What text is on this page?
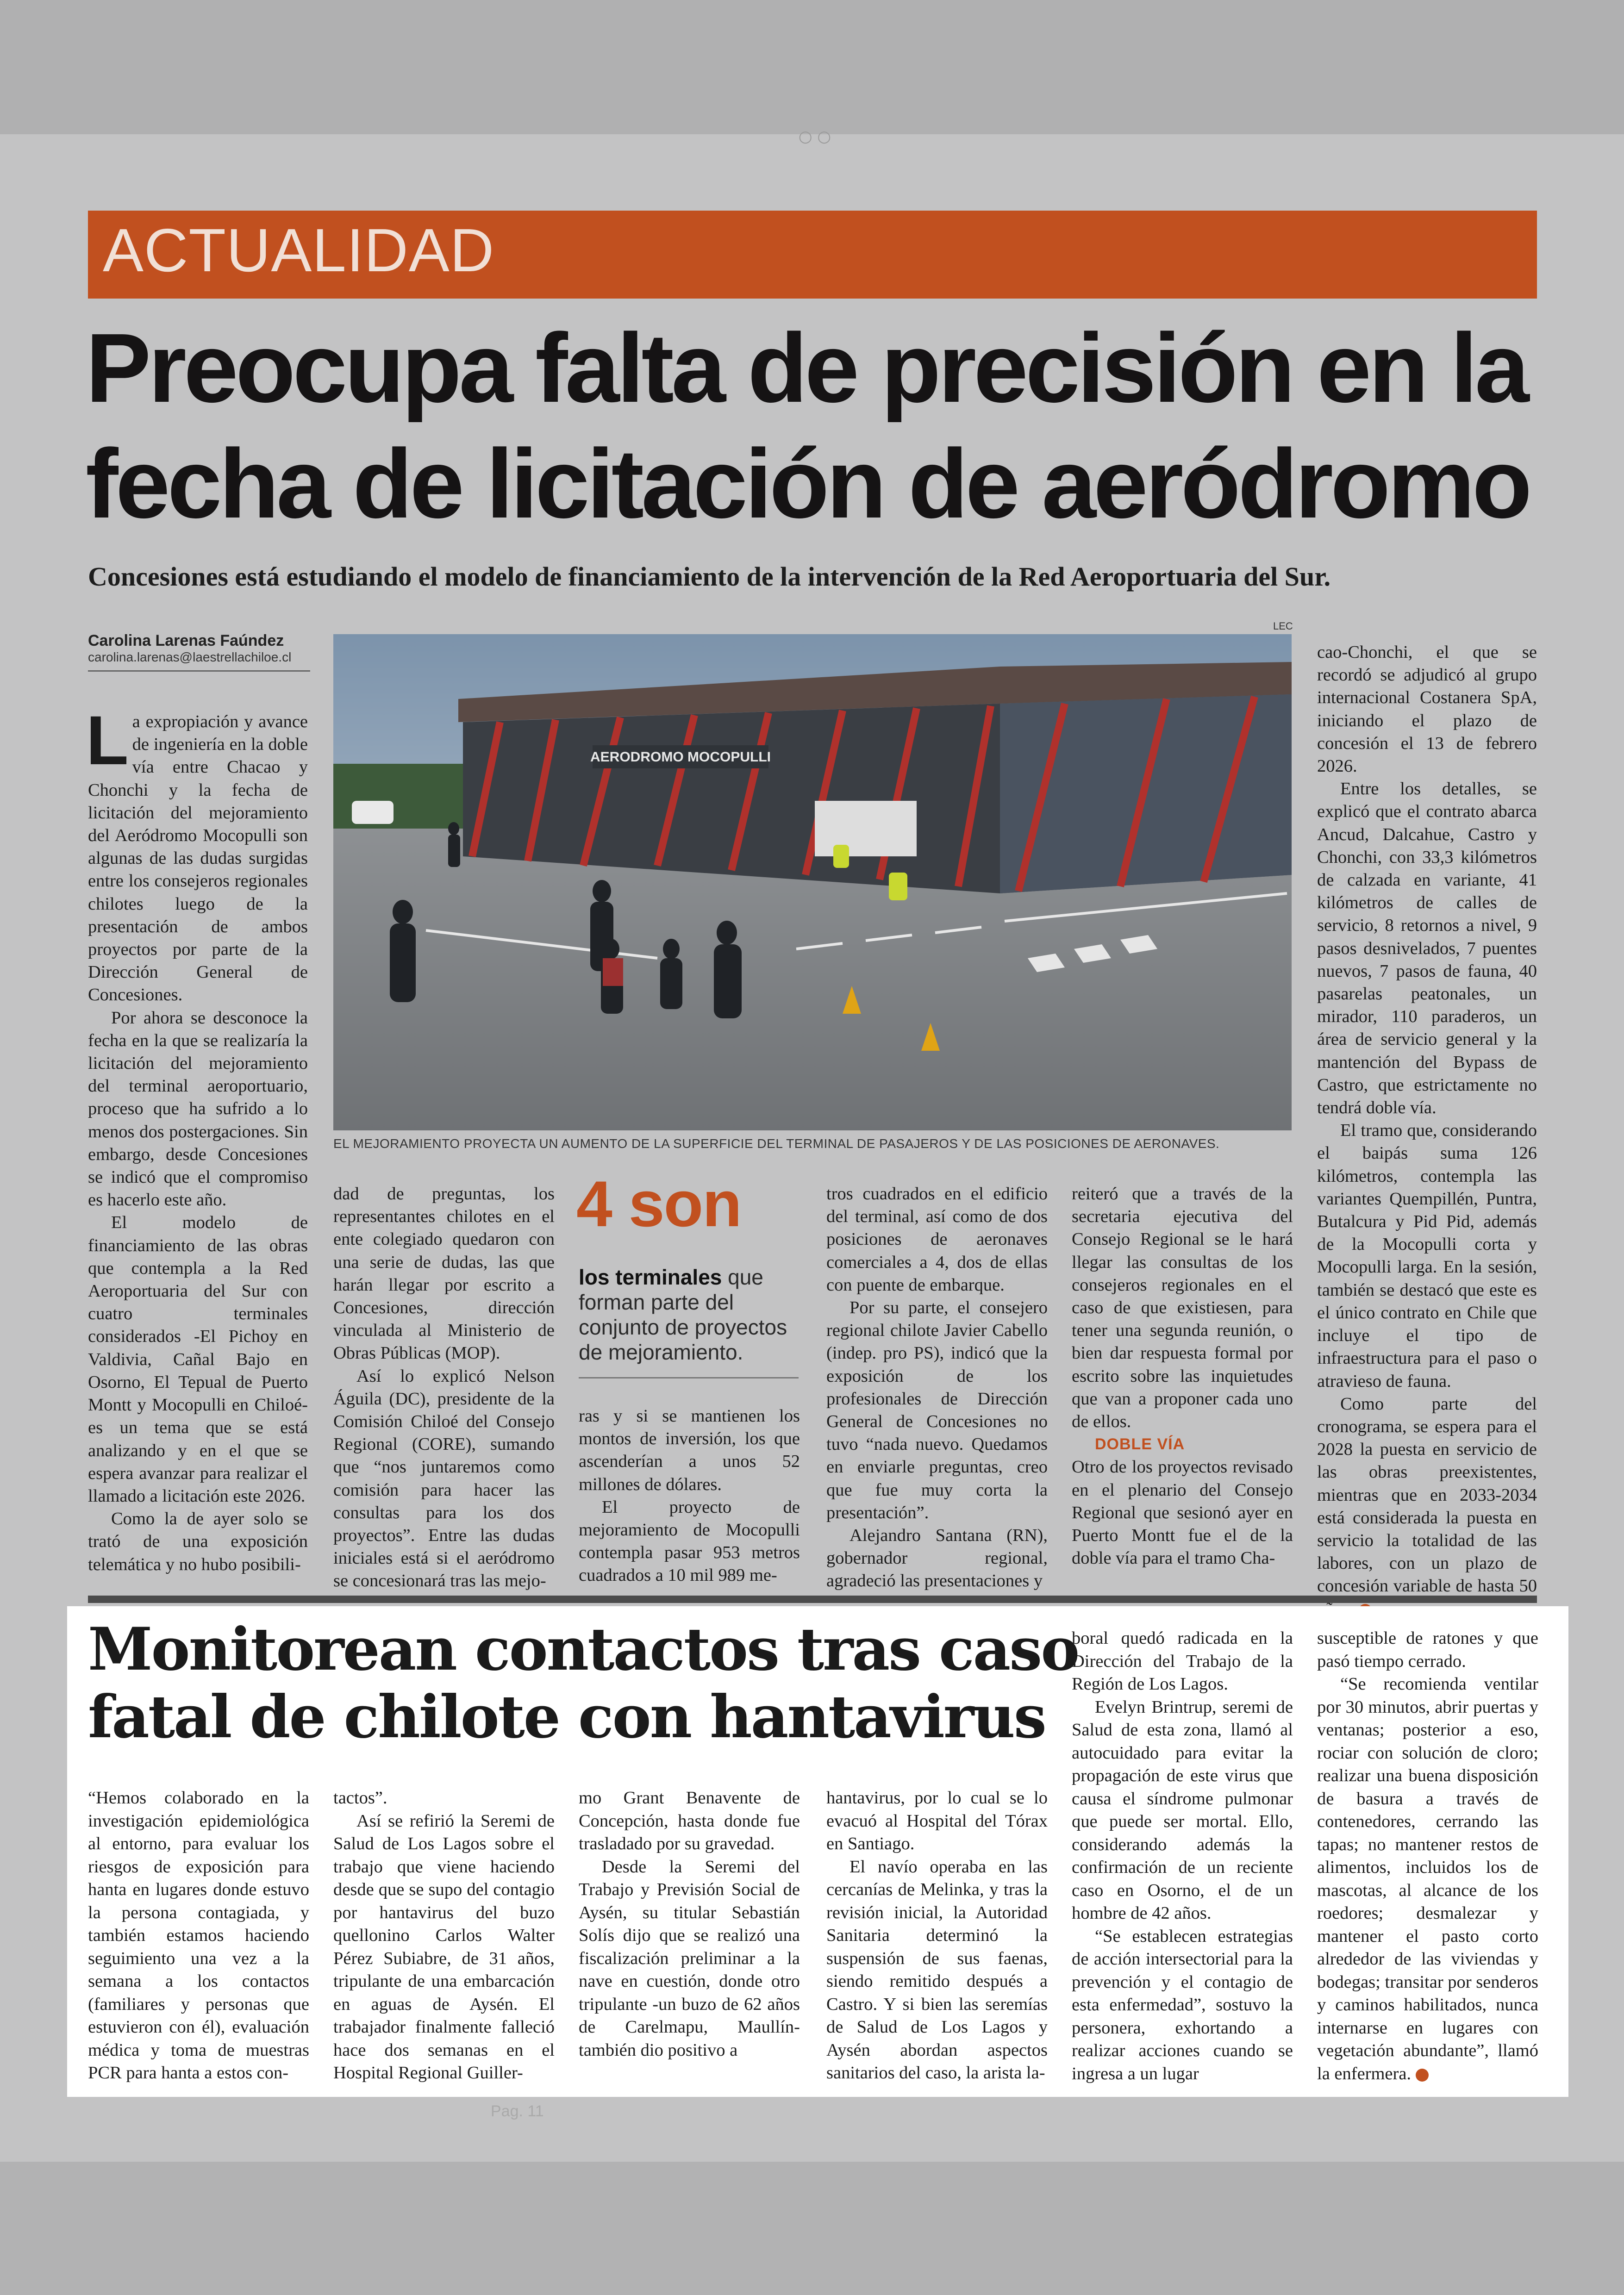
○ ○
ACTUALIDAD
Preocupa falta de precisión en la fecha de licitación de aeródromo

Concesiones está estudiando el modelo de financiamiento de la intervención de la Red Aeroportuaria del Sur.

Carolina Larenas Faúndez
carolina.larenas@laestrellachiloe.cl
LEC
AERODROMO MOCOPULLI
EL MEJORAMIENTO PROYECTA UN AUMENTO DE LA SUPERFICIE DEL TERMINAL DE PASAJEROS Y DE LAS POSICIONES DE AERONAVES.

La expropiación y avance de ingeniería en la doble vía entre Chacao y Chonchi y la fecha de licitación del mejoramiento del Aeródromo Mocopulli son algunas de las dudas surgidas entre los consejeros regionales chilotes luego de la presentación de ambos proyectos por parte de la Dirección General de Concesiones.

Por ahora se desconoce la fecha en la que se realizaría la licitación del mejoramiento del terminal aeroportuario, proceso que ha sufrido a lo menos dos postergaciones. Sin embargo, desde Concesiones se indicó que el compromiso es hacerlo este año.

El modelo de financiamiento de las obras que contempla a la Red Aeroportuaria del Sur con cuatro terminales considerados -El Pichoy en Valdivia, Cañal Bajo en Osorno, El Tepual de Puerto Montt y Mocopulli en Chiloé- es un tema que se está analizando y en el que se espera avanzar para realizar el llamado a licitación este 2026.

Como la de ayer solo se trató de una exposición telemática y no hubo posibili-

dad de preguntas, los representantes chilotes en el ente colegiado quedaron con una serie de dudas, las que harán llegar por escrito a Concesiones, dirección vinculada al Ministerio de Obras Públicas (MOP).

Así lo explicó Nelson Águila (DC), presidente de la Comisión Chiloé del Consejo Regional (CORE), sumando que “nos juntaremos como comisión para hacer las consultas para los dos proyectos”. Entre las dudas iniciales está si el aeródromo se concesionará tras las mejo-

4 son
los terminales que forman parte del conjunto de proyectos de mejoramiento.

ras y si se mantienen los montos de inversión, los que ascenderían a unos 52 millones de dólares.

El proyecto de mejoramiento de Mocopulli contempla pasar 953 metros cuadrados a 10 mil 989 me-

tros cuadrados en el edificio del terminal, así como de dos posiciones de aeronaves comerciales a 4, dos de ellas con puente de embarque.

Por su parte, el consejero regional chilote Javier Cabello (indep. pro PS), indicó que la exposición de los profesionales de Dirección General de Concesiones no tuvo “nada nuevo. Quedamos en enviarle preguntas, creo que fue muy corta la presentación”.

Alejandro Santana (RN), gobernador regional, agradeció las presentaciones y

reiteró que a través de la secretaria ejecutiva del Consejo Regional se le hará llegar las consultas de los consejeros regionales en el caso de que existiesen, para tener una segunda reunión, o bien dar respuesta formal por escrito sobre las inquietudes que van a proponer cada uno de ellos.

DOBLE VÍA

Otro de los proyectos revisado en el plenario del Consejo Regional que sesionó ayer en Puerto Montt fue el de la doble vía para el tramo Cha-

cao-Chonchi, el que se recordó se adjudicó al grupo internacional Costanera SpA, iniciando el plazo de concesión el 13 de febrero 2026.

Entre los detalles, se explicó que el contrato abarca Ancud, Dalcahue, Castro y Chonchi, con 33,3 kilómetros de calzada en variante, 41 kilómetros de calles de servicio, 8 retornos a nivel, 9 pasos desnivelados, 7 puentes nuevos, 7 pasos de fauna, 40 pasarelas peatonales, un mirador, 110 paraderos, un área de servicio general y la mantención del Bypass de Castro, que estrictamente no tendrá doble vía.

El tramo que, considerando el baipás suma 126 kilómetros, contempla las variantes Quempillén, Puntra, Butalcura y Pid Pid, además de la Mocopulli corta y Mocopulli larga. En la sesión, también se destacó que este es el único contrato en Chile que incluye el tipo de infraestructura para el paso o atravieso de fauna.

Como parte del cronograma, se espera para el 2028 la puesta en servicio de las obras preexistentes, mientras que en 2033-2034 está considerada la puesta en servicio la totalidad de las labores, con un plazo de concesión variable de hasta 50

Monitorean contactos tras caso fatal de chilote con hantavirus

“Hemos colaborado en la investigación epidemiológica al entorno, para evaluar los riesgos de exposición para hanta en lugares donde estuvo la persona contagiada, y también estamos haciendo seguimiento una vez a la semana a los contactos (familiares y personas que estuvieron con él), evaluación médica y toma de muestras PCR para hanta a estos con-

tactos”.

Así se refirió la Seremi de Salud de Los Lagos sobre el trabajo que viene haciendo desde que se supo del contagio por hantavirus del buzo quellonino Carlos Walter Pérez Subiabre, de 31 años, tripulante de una embarcación en aguas de Aysén. El trabajador finalmente falleció hace dos semanas en el Hospital Regional Guiller-

mo Grant Benavente de Concepción, hasta donde fue trasladado por su gravedad.

Desde la Seremi del Trabajo y Previsión Social de Aysén, su titular Sebastián Solís dijo que se realizó una fiscalización preliminar a la nave en cuestión, donde otro tripulante -un buzo de 62 años de Carelmapu, Maullín- también dio positivo a

hantavirus, por lo cual se lo evacuó al Hospital del Tórax en Santiago.

El navío operaba en las cercanías de Melinka, y tras la revisión inicial, la Autoridad Sanitaria determinó la suspensión de sus faenas, siendo remitido después a Castro. Y si bien las seremías de Salud de Los Lagos y Aysén abordan aspectos sanitarios del caso, la arista la-

boral quedó radicada en la Dirección del Trabajo de la Región de Los Lagos.

Evelyn Brintrup, seremi de Salud de esta zona, llamó al autocuidado para evitar la propagación de este virus que causa el síndrome pulmonar que puede ser mortal. Ello, considerando además la confirmación de un reciente caso en Osorno, el de un hombre de 42 años.

“Se establecen estrategias de acción intersectorial para la prevención y el contagio de esta enfermedad”, sostuvo la personera, exhortando a realizar acciones cuando se ingresa a un lugar

susceptible de ratones y que pasó tiempo cerrado.

“Se recomienda ventilar por 30 minutos, abrir puertas y ventanas; posterior a eso, rociar con solución de cloro; realizar una buena disposición de basura a través de contenedores, cerrando las tapas; no mantener restos de alimentos, incluidos los de mascotas, al alcance de los roedores; desmalezar y mantener el pasto corto alrededor de las viviendas y bodegas; transitar por senderos y caminos habilitados, nunca internarse en lugares con vegetación abundante”, llamó la enfermera.	✖

Pag. 11
